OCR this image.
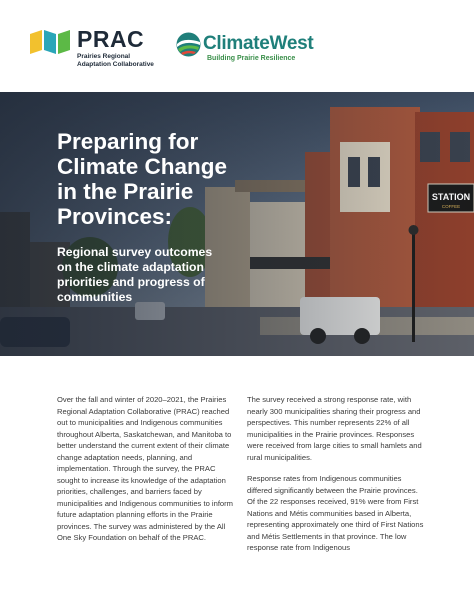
PRAC
Prairies Regional
Adaptation Collaborative
ClimateWest
Building Prairie Resilience
Preparing for
Climate Change
in the Prairie
Provinces:
Regional survey outcomes
on the climate adaptation
priorities and progress of
communities

Over the fall and winter of 2020–2021, the Prairies Regional Adaptation Collaborative (PRAC) reached out to municipalities and Indigenous communities throughout Alberta, Saskatchewan, and Manitoba to better understand the current extent of their climate change adaptation needs, planning, and implementation. Through the survey, the PRAC sought to increase its knowledge of the adaptation priorities, challenges, and barriers faced by municipalities and Indigenous communities to inform future adaptation planning efforts in the Prairie provinces. The survey was administered by the All One Sky Foundation on behalf of the PRAC.

The survey received a strong response rate, with nearly 300 municipalities sharing their progress and perspectives. This number represents 22% of all municipalities in the Prairie provinces. Responses were received from large cities to small hamlets and rural municipalities.

Response rates from Indigenous communities differed significantly between the Prairie provinces. Of the 22 responses received, 91% were from First Nations and Métis communities based in Alberta, representing approximately one third of First Nations and Métis Settlements in that province. The low response rate from Indigenous
